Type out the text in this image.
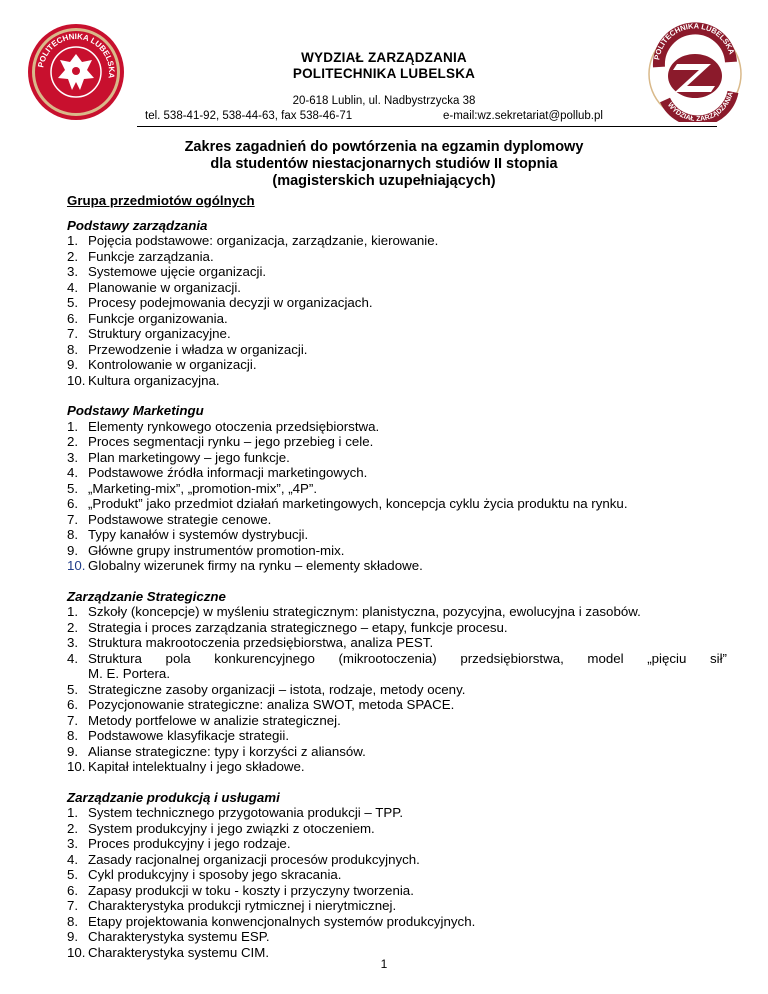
POLITECHNIKA LUBELSKA
POLITECHNIKA LUBELSKA
WYDZIAŁ ZARZĄDZANIA
WYDZIAŁ ZARZĄDZANIA
POLITECHNIKA LUBELSKA
20-618 Lublin, ul. Nadbystrzycka 38
tel. 538-41-92, 538-44-63, fax 538-46-71	e-mail:wz.sekretariat@pollub.pl
Zakres zagadnień do powtórzenia na egzamin dyplomowy
dla studentów niestacjonarnych studiów II stopnia
(magisterskich uzupełniających)
Grupa przedmiotów ogólnych
Podstawy zarządzania
1. Pojęcia podstawowe: organizacja, zarządzanie, kierowanie.
2. Funkcje zarządzania.
3. Systemowe ujęcie organizacji.
4. Planowanie w organizacji.
5. Procesy podejmowania decyzji w organizacjach.
6. Funkcje organizowania.
7. Struktury organizacyjne.
8. Przewodzenie i władza w organizacji.
9. Kontrolowanie w organizacji.
10. Kultura organizacyjna.
Podstawy Marketingu
1. Elementy rynkowego otoczenia przedsiębiorstwa.
2. Proces segmentacji rynku – jego przebieg i cele.
3. Plan marketingowy – jego funkcje.
4. Podstawowe źródła informacji marketingowych.
5. „Marketing-mix”, „promotion-mix”, „4P”.
6. „Produkt” jako przedmiot działań marketingowych, koncepcja cyklu życia produktu na rynku.
7. Podstawowe strategie cenowe.
8. Typy kanałów i systemów dystrybucji.
9. Główne grupy instrumentów promotion-mix.
10. Globalny wizerunek firmy na rynku – elementy składowe.
Zarządzanie Strategiczne
1. Szkoły (koncepcje) w myśleniu strategicznym: planistyczna, pozycyjna, ewolucyjna i zasobów.
2. Strategia i proces zarządzania strategicznego – etapy, funkcje procesu.
3. Struktura makrootoczenia przedsiębiorstwa, analiza PEST.
4. Struktura pola konkurencyjnego (mikrootoczenia) przedsiębiorstwa, model „pięciu sił”
M. E. Portera.
5. Strategiczne zasoby organizacji – istota, rodzaje, metody oceny.
6. Pozycjonowanie strategiczne: analiza SWOT, metoda SPACE.
7. Metody portfelowe w analizie strategicznej.
8. Podstawowe klasyfikacje strategii.
9. Alianse strategiczne: typy i korzyści z aliansów.
10. Kapitał intelektualny i jego składowe.
Zarządzanie produkcją i usługami
1. System technicznego przygotowania produkcji – TPP.
2. System produkcyjny i jego związki z otoczeniem.
3. Proces produkcyjny i jego rodzaje.
4. Zasady racjonalnej organizacji procesów produkcyjnych.
5. Cykl produkcyjny i sposoby jego skracania.
6. Zapasy produkcji w toku - koszty i przyczyny tworzenia.
7. Charakterystyka produkcji rytmicznej i nierytmicznej.
8. Etapy projektowania konwencjonalnych systemów produkcyjnych.
9. Charakterystyka systemu ESP.
10. Charakterystyka systemu CIM.
1
